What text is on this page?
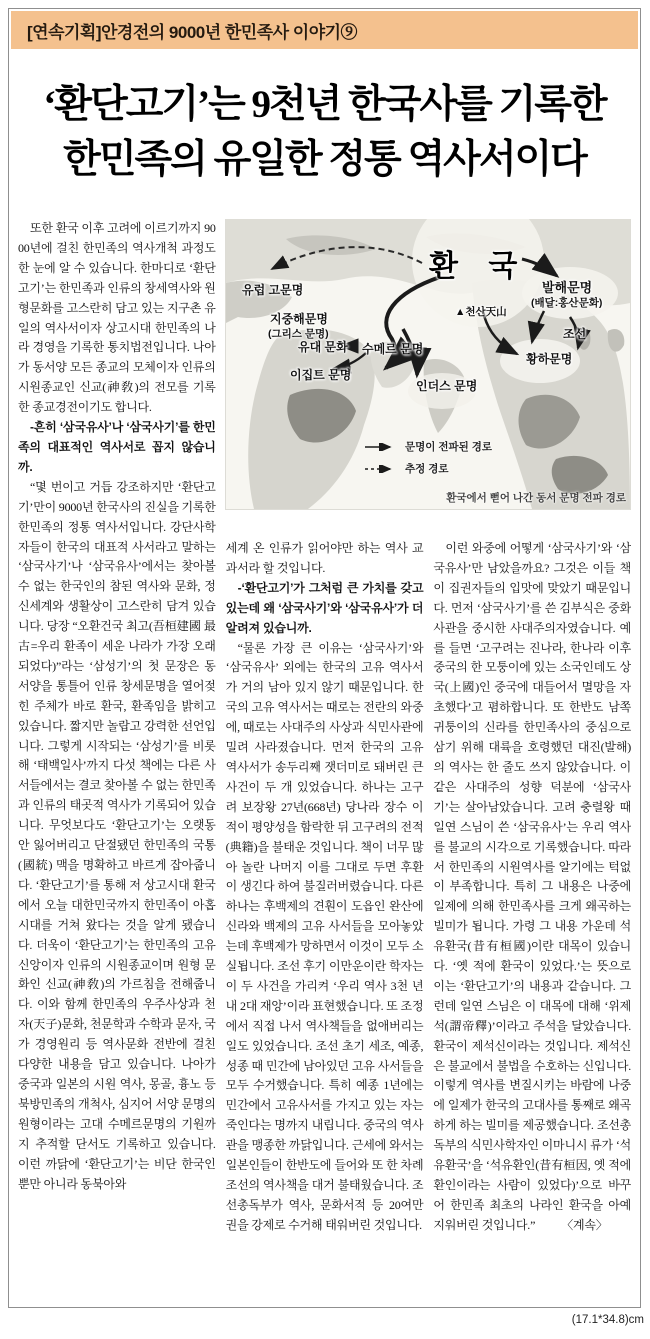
[연속기획]안경전의 9000년 한민족사 이야기⑨
‘환단고기’는 9천년 한국사를 기록한
한민족의 유일한 정통 역사서이다

또한 환국 이후 고려에 이르기까지 9000년에 걸친 한민족의 역사개척 과정도 한 눈에 알 수 있습니다. 한마디로 ‘환단고기’는 한민족과 인류의 창세역사와 원형문화를 고스란히 담고 있는 지구촌 유일의 역사서이자 상고시대 한민족의 나라 경영을 기록한 통치법전입니다. 나아가 동서양 모든 종교의 모체이자 인류의 시원종교인 신교(神敎)의 전모를 기록한 종교경전이기도 합니다.

-흔히 ‘삼국유사’나 ‘삼국사기’를 한민족의 대표적인 역사서로 꼽지 않습니까.

“몇 번이고 거듭 강조하지만 ‘환단고기’만이 9000년 한국사의 진실을 기록한 한민족의 정통 역사서입니다. 강단사학자들이 한국의 대표적 사서라고 말하는 ‘삼국사기’나 ‘삼국유사’에서는 찾아볼 수 없는 한국인의 참된 역사와 문화, 정신세계와 생활상이 고스란히 담겨 있습니다. 당장 “오환건국 최고(吾桓建國 最古=우리 환족이 세운 나라가 가장 오래되었다)”라는 ‘삼성기’의 첫 문장은 동서양을 통틀어 인류 창세문명을 열어젖힌 주체가 바로 환국, 환족임을 밝히고 있습니다. 짧지만 놀랍고 강력한 선언입니다. 그렇게 시작되는 ‘삼성기’를 비롯해 ‘태백일사’까지 다섯 책에는 다른 사서들에서는 결코 찾아볼 수 없는 한민족과 인류의 태곳적 역사가 기록되어 있습니다. 무엇보다도 ‘환단고기’는 오랫동안 잃어버리고 단절됐던 한민족의 국통(國統) 맥을 명확하고 바르게 잡아줍니다. ‘환단고기’를 통해 저 상고시대 환국에서 오늘 대한민국까지 한민족이 아홉 시대를 거쳐 왔다는 것을 알게 됐습니다. 더욱이 ‘환단고기’는 한민족의 고유 신앙이자 인류의 시원종교이며 원형 문화인 신교(神敎)의 가르침을 전해줍니다. 이와 함께 한민족의 우주사상과 천자(天子)문화, 천문학과 수학과 문자, 국가 경영원리 등 역사문화 전반에 걸친 다양한 내용을 담고 있습니다. 나아가 중국과 일본의 시원 역사, 몽골, 흉노 등 북방민족의 개척사, 심지어 서양 문명의 원형이라는 고대 수메르문명의 기원까지 추적할 단서도 기록하고 있습니다. 이런 까닭에 ‘환단고기’는 비단 한국인뿐만 아니라 동북아와

세계 온 인류가 읽어야만 하는 역사 교과서라 할 것입니다.

-‘환단고기’가 그처럼 큰 가치를 갖고 있는데 왜 ‘삼국사기’와 ‘삼국유사’가 더 알려져 있습니까.

“물론 가장 큰 이유는 ‘삼국사기’와 ‘삼국유사’ 외에는 한국의 고유 역사서가 거의 남아 있지 않기 때문입니다. 한국의 고유 역사서는 때로는 전란의 와중에, 때로는 사대주의 사상과 식민사관에 밀려 사라졌습니다. 먼저 한국의 고유 역사서가 송두리째 잿더미로 돼버린 큰 사건이 두 개 있었습니다. 하나는 고구려 보장왕 27년(668년) 당나라 장수 이적이 평양성을 함락한 뒤 고구려의 전적(典籍)을 불태운 것입니다. 책이 너무 많아 놀란 나머지 이를 그대로 두면 후환이 생긴다 하여 불질러버렸습니다. 다른 하나는 후백제의 견훤이 도읍인 완산에 신라와 백제의 고유 사서들을 모아놓았는데 후백제가 망하면서 이것이 모두 소실됩니다. 조선 후기 이만운이란 학자는 이 두 사건을 가리켜 ‘우리 역사 3천 년 내 2대 재앙’이라 표현했습니다. 또 조정에서 직접 나서 역사책들을 없애버리는 일도 있었습니다. 조선 초기 세조, 예종, 성종 때 민간에 남아있던 고유 사서들을 모두 수거했습니다. 특히 예종 1년에는 민간에서 고유사서를 가지고 있는 자는 죽인다는 명까지 내립니다. 중국의 역사관을 맹종한 까닭입니다. 근세에 와서는 일본인들이 한반도에 들어와 또 한 차례 조선의 역사책을 대거 불태웠습니다. 조선총독부가 역사, 문화서적 등 20여만 권을 강제로 수거해 태워버린 것입니다.

이런 와중에 어떻게 ‘삼국사기’와 ‘삼국유사’만 남았을까요? 그것은 이들 책이 집권자들의 입맛에 맞았기 때문입니다. 먼저 ‘삼국사기’를 쓴 김부식은 중화 사관을 중시한 사대주의자였습니다. 예를 들면 ‘고구려는 진나라, 한나라 이후 중국의 한 모퉁이에 있는 소국인데도 상국(上國)인 중국에 대들어서 멸망을 자초했다’고 폄하합니다. 또 한반도 남쪽 귀퉁이의 신라를 한민족사의 중심으로 삼기 위해 대륙을 호령했던 대진(발해)의 역사는 한 줄도 쓰지 않았습니다. 이 같은 사대주의 성향 덕분에 ‘삼국사기’는 살아남았습니다. 고려 충렬왕 때 일연 스님이 쓴 ‘삼국유사’는 우리 역사를 불교의 시각으로 기록했습니다. 따라서 한민족의 시원역사를 알기에는 턱없이 부족합니다. 특히 그 내용은 나중에 일제에 의해 한민족사를 크게 왜곡하는 빌미가 됩니다. 가령 그 내용 가운데 석유환국(昔有桓國)이란 대목이 있습니다. ‘옛 적에 환국이 있었다.’는 뜻으로 이는 ‘환단고기’의 내용과 같습니다. 그런데 일연 스님은 이 대목에 대해 ‘위제석(謂帝釋)’이라고 주석을 달았습니다. 환국이 제석신이라는 것입니다. 제석신은 불교에서 불법을 수호하는 신입니다. 이렇게 역사를 변질시키는 바람에 나중에 일제가 한국의 고대사를 통째로 왜곡하게 하는 빌미를 제공했습니다. 조선총독부의 식민사학자인 이마니시 류가 ‘석유환국’을 ‘석유환인(昔有桓因, 옛 적에 환인이라는 사람이 있었다)’으로 바꾸어 한민족 최초의 나라인 환국을 아예 지워버린 것입니다.” 〈계속〉

환 국
유럽 고문명
지중해문명
(그리스 문명)
유대 문화 수메르 문명
이집트 문명
인더스 문명
▲천산天山
황하문명
발해문명
(배달:홍산문화)
조선
문명이 전파된 경로
추정 경로
환국에서 뻗어 나간 동서 문명 전파 경로
(17.1*34.8)cm
